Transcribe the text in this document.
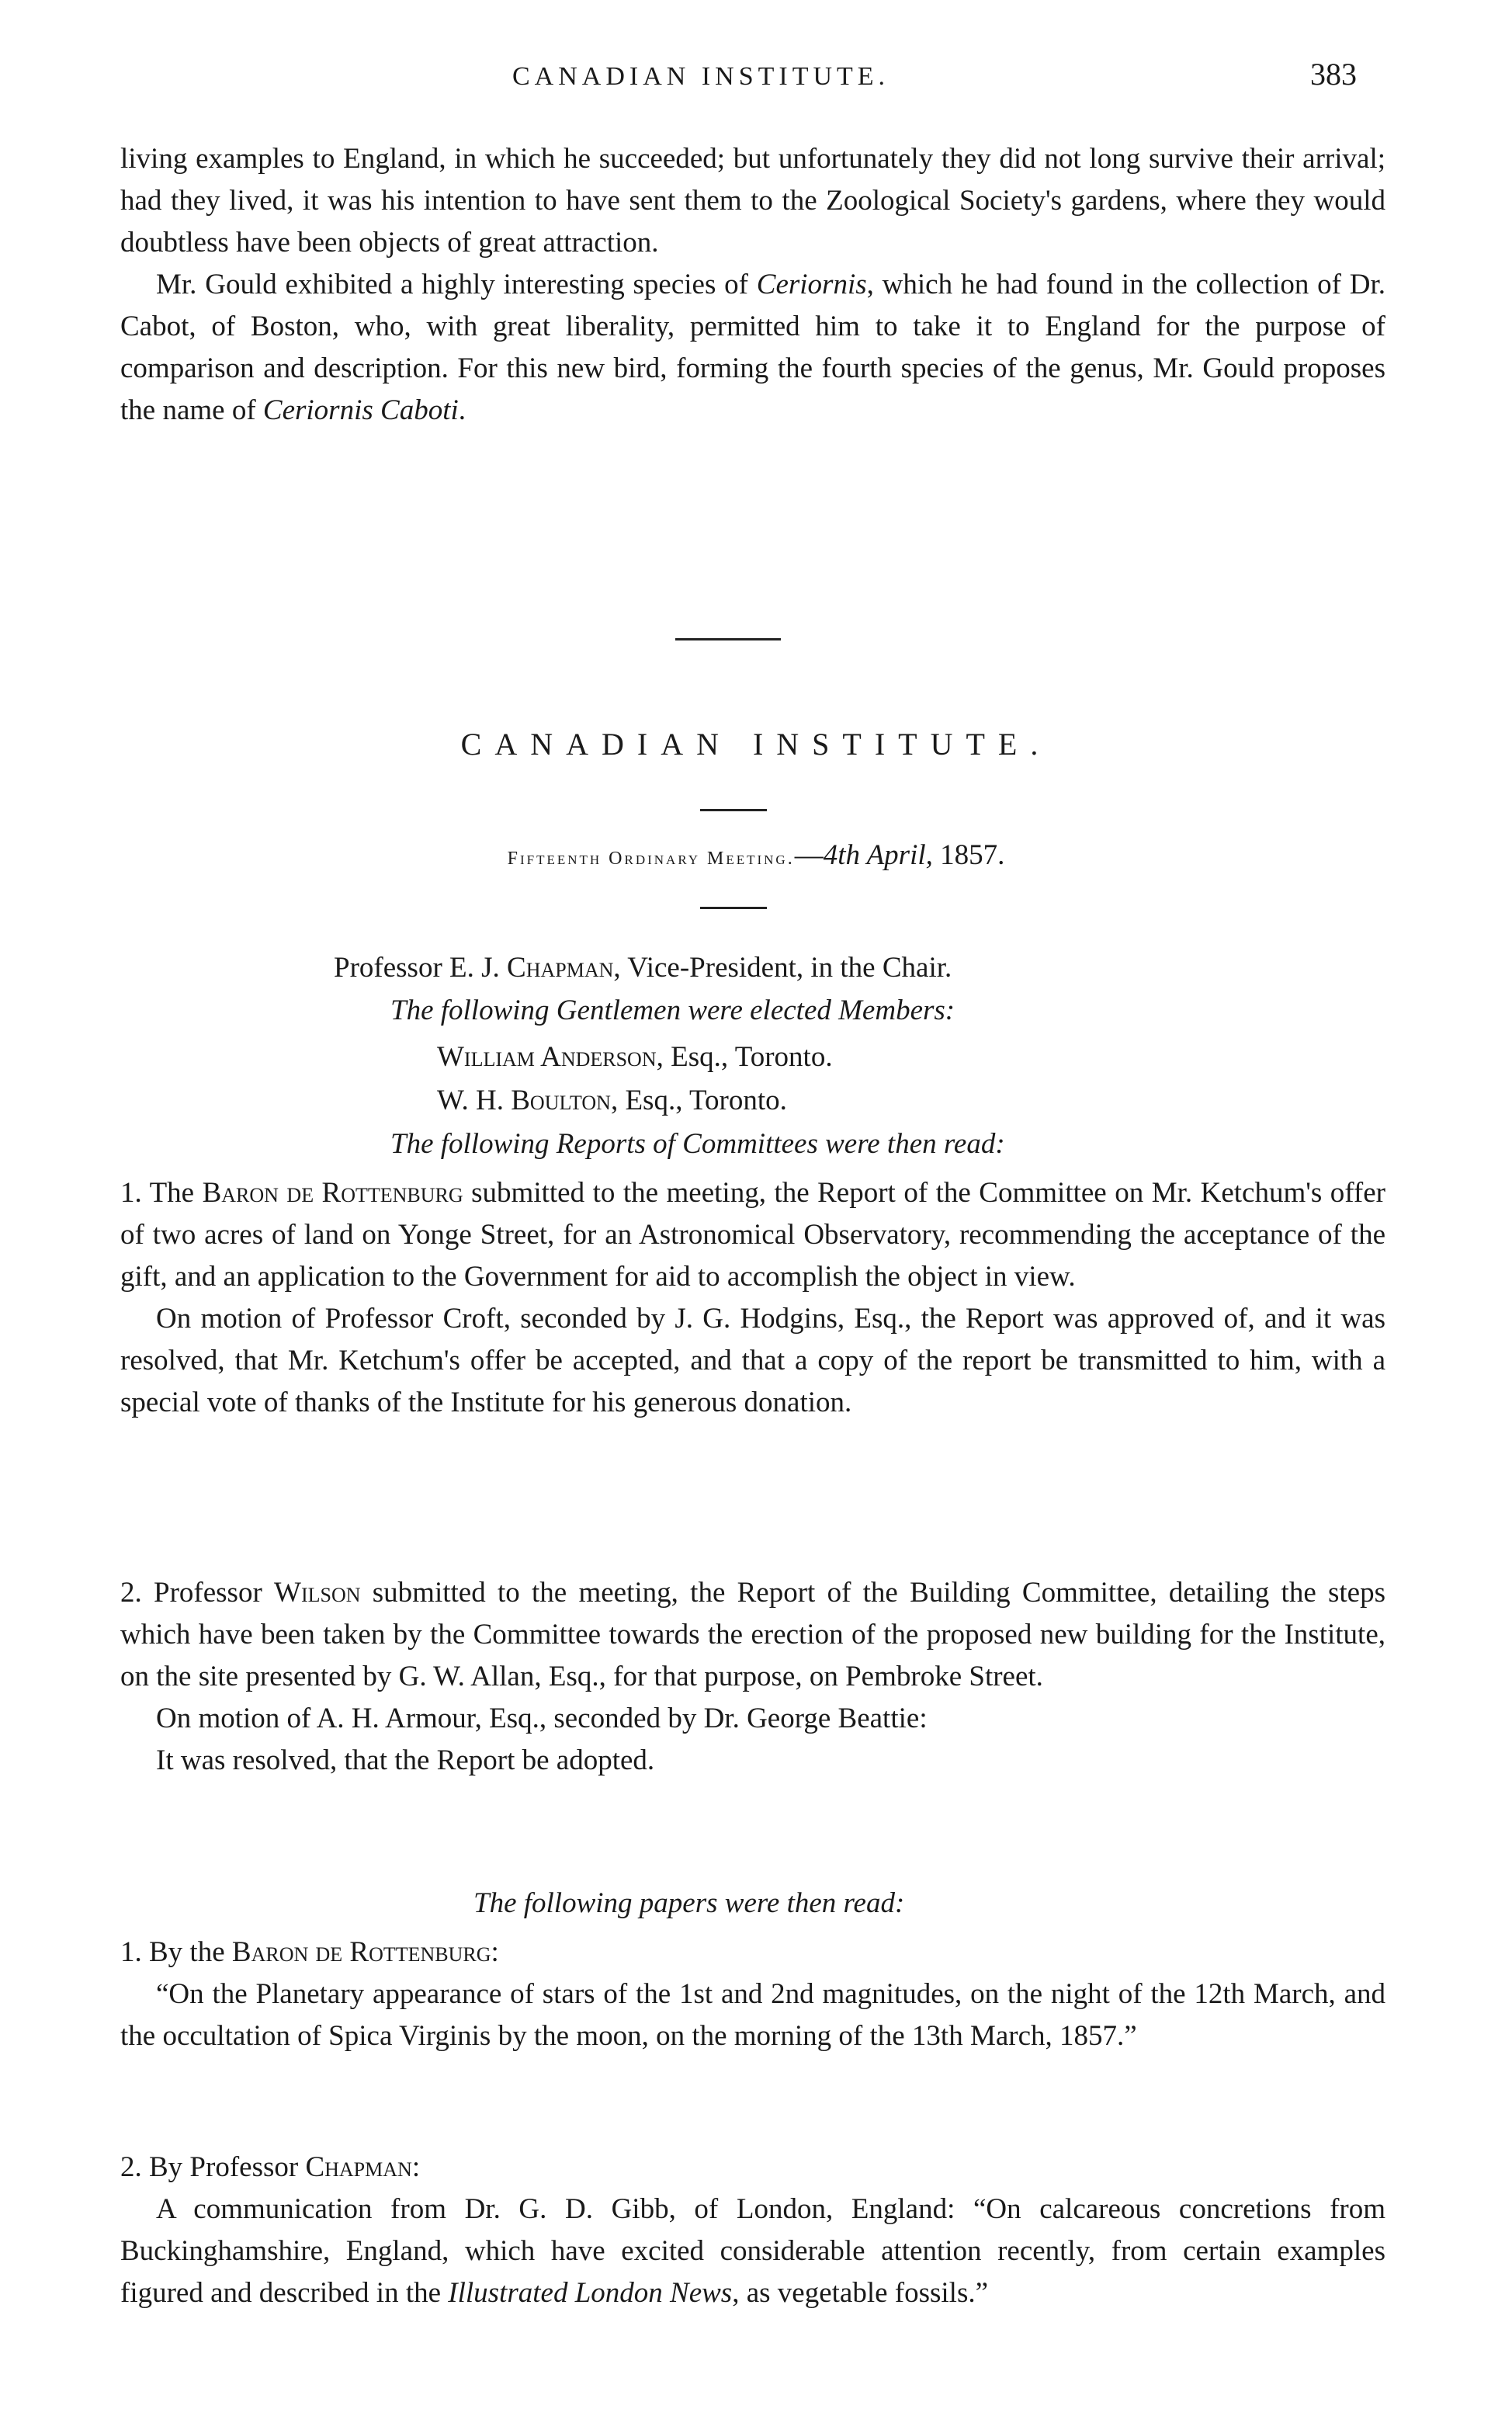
CANADIAN INSTITUTE.	383

living examples to England, in which he succeeded; but unfortunately they did not long survive their arrival; had they lived, it was his intention to have sent them to the Zoological Society's gardens, where they would doubtless have been objects of great attraction.

Mr. Gould exhibited a highly interesting species of Ceriornis, which he had found in the collection of Dr. Cabot, of Boston, who, with great liberality, permitted him to take it to England for the purpose of comparison and description. For this new bird, forming the fourth species of the genus, Mr. Gould proposes the name of Ceriornis Caboti.

CANADIAN INSTITUTE.
Fifteenth Ordinary Meeting.—4th April, 1857.
Professor E. J. Chapman, Vice-President, in the Chair.
The following Gentlemen were elected Members:
William Anderson, Esq., Toronto.
W. H. Boulton, Esq., Toronto.
The following Reports of Committees were then read:

1. The Baron de Rottenburg submitted to the meeting, the Report of the Committee on Mr. Ketchum's offer of two acres of land on Yonge Street, for an Astronomical Observatory, recommending the acceptance of the gift, and an application to the Government for aid to accomplish the object in view.

On motion of Professor Croft, seconded by J. G. Hodgins, Esq., the Report was approved of, and it was resolved, that Mr. Ketchum's offer be accepted, and that a copy of the report be transmitted to him, with a special vote of thanks of the Institute for his generous donation.

2. Professor Wilson submitted to the meeting, the Report of the Building Committee, detailing the steps which have been taken by the Committee towards the erection of the proposed new building for the Institute, on the site presented by G. W. Allan, Esq., for that purpose, on Pembroke Street.

On motion of A. H. Armour, Esq., seconded by Dr. George Beattie:

It was resolved, that the Report be adopted.

The following papers were then read:

1. By the Baron de Rottenburg:

“On the Planetary appearance of stars of the 1st and 2nd magnitudes, on the night of the 12th March, and the occultation of Spica Virginis by the moon, on the morning of the 13th March, 1857.”

2. By Professor Chapman:

A communication from Dr. G. D. Gibb, of London, England: “On calcareous concretions from Buckinghamshire, England, which have excited considerable attention recently, from certain examples figured and described in the Illustrated London News, as vegetable fossils.”
